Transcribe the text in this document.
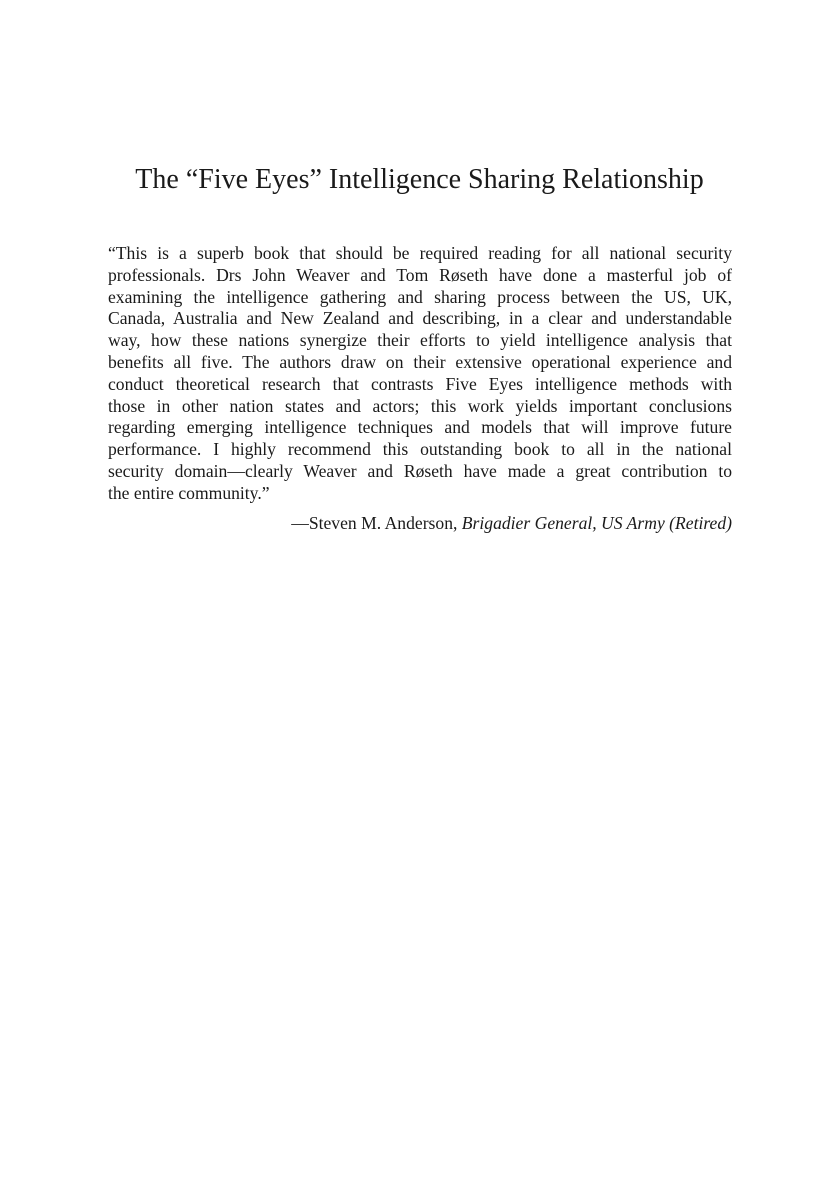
The “Five Eyes” Intelligence Sharing Relationship
“This is a superb book that should be required reading for all national security
professionals. Drs John Weaver and Tom Røseth have done a masterful job of
examining the intelligence gathering and sharing process between the US, UK,
Canada, Australia and New Zealand and describing, in a clear and understandable
way, how these nations synergize their efforts to yield intelligence analysis that
benefits all five. The authors draw on their extensive operational experience and
conduct theoretical research that contrasts Five Eyes intelligence methods with
those in other nation states and actors; this work yields important conclusions
regarding emerging intelligence techniques and models that will improve future
performance. I highly recommend this outstanding book to all in the national
security domain—clearly Weaver and Røseth have made a great contribution to
the entire community.”

—Steven M. Anderson, Brigadier General, US Army (Retired)
